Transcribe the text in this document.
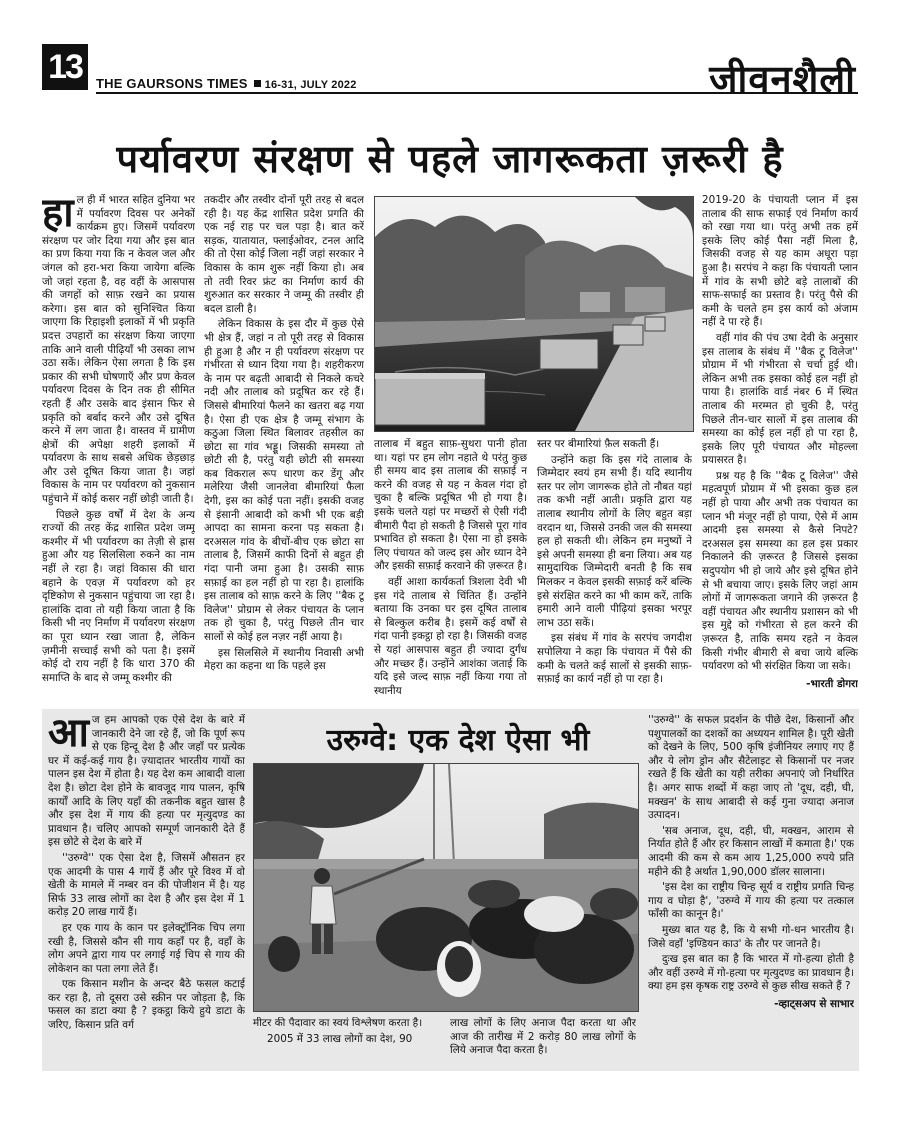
13	THE GAURSONS TIMES 16-31, JULY 2022	जीवनशैली
पर्यावरण संरक्षण से पहले जागरूकता ज़रूरी है

हाल ही में भारत सहित दुनिया भर में पर्यावरण दिवस पर अनेकों कार्यक्रम हुए। जिसमें पर्यावरण संरक्षण पर जोर दिया गया और इस बात का प्रण किया गया कि न केवल जल और जंगल को हरा-भरा किया जायेगा बल्कि जो जहां रहता है, वह वहीं के आसपास की जगहों को साफ़ रखने का प्रयास करेगा। इस बात को सुनिश्चित किया जाएगा कि रिहाइशी इलाकों में भी प्रकृति प्रदत्त उपहारों का संरक्षण किया जाएगा ताकि आने वाली पीढ़ियाँ भी उसका लाभ उठा सकें। लेकिन ऐसा लगता है कि इस प्रकार की सभी घोषणाएँ और प्रण केवल पर्यावरण दिवस के दिन तक ही सीमित रहती हैं और उसके बाद इंसान फिर से प्रकृति को बर्बाद करने और उसे दूषित करने में लग जाता है। वास्तव में ग्रामीण क्षेत्रों की अपेक्षा शहरी इलाकों में पर्यावरण के साथ सबसे अधिक छेड़छाड़ और उसे दूषित किया जाता है। जहां विकास के नाम पर पर्यावरण को नुकसान पहुंचाने में कोई कसर नहीं छोड़ी जाती है।

पिछले कुछ वर्षों में देश के अन्य राज्यों की तरह केंद्र शासित प्रदेश जम्मू कश्मीर में भी पर्यावरण का तेज़ी से ह्रास हुआ और यह सिलसिला रुकने का नाम नहीं ले रहा है। जहां विकास की धारा बहाने के एवज़ में पर्यावरण को हर दृष्टिकोण से नुकसान पहुंचाया जा रहा है। हालांकि दावा तो यही किया जाता है कि किसी भी नए निर्माण में पर्यावरण संरक्षण का पूरा ध्यान रखा जाता है, लेकिन ज़मीनी सच्चाई सभी को पता है। इसमें कोई दो राय नहीं है कि धारा 370 की समाप्ति के बाद से जम्मू कश्मीर की

तकदीर और तस्वीर दोनों पूरी तरह से बदल रही है। यह केंद्र शासित प्रदेश प्रगति की एक नई राह पर चल पड़ा है। बात करें सड़क, यातायात, फ्लाईओवर, टनल आदि की तो ऐसा कोई जिला नहीं जहां सरकार ने विकास के काम शुरू नहीं किया हो। अब तो तवी रिवर फ्रंट का निर्माण कार्य की शुरुआत कर सरकार ने जम्मू की तस्वीर ही बदल डाली है।

लेकिन विकास के इस दौर में कुछ ऐसे भी क्षेत्र हैं, जहां न तो पूरी तरह से विकास ही हुआ है और न ही पर्यावरण संरक्षण पर गंभीरता से ध्यान दिया गया है। शहरीकरण के नाम पर बढ़ती आबादी से निकले कचरे नदी और तालाब को प्रदूषित कर रहे हैं। जिससे बीमारियां फैलने का खतरा बढ़ गया है। ऐसा ही एक क्षेत्र है जम्मू संभाग के कठुआ जिला स्थित बिलावर तहसील का छोटा सा गांव भड्डू। जिसकी समस्या तो छोटी सी है, परंतु यही छोटी सी समस्या कब विकराल रूप धारण कर डेंगू और मलेरिया जैसी जानलेवा बीमारियां फैला देगी, इस का कोई पता नहीं। इसकी वजह से इंसानी आबादी को कभी भी एक बड़ी आपदा का सामना करना पड़ सकता है। दरअसल गांव के बीचों-बीच एक छोटा सा तालाब है, जिसमें काफी दिनों से बहुत ही गंदा पानी जमा हुआ है। उसकी साफ़ सफ़ाई का हल नहीं हो पा रहा है। हालांकि इस तालाब को साफ़ करने के लिए ''बैक टू विलेज'' प्रोग्राम से लेकर पंचायत के प्लान तक हो चुका है, परंतु पिछले तीन चार सालों से कोई हल नज़र नहीं आया है।

इस सिलसिले में स्थानीय निवासी अभी मेहरा का कहना था कि पहले इस

तालाब में बहुत साफ़-सुथरा पानी होता था। यहां पर हम लोग नहाते थे परंतु कुछ ही समय बाद इस तालाब की सफ़ाई न करने की वजह से यह न केवल गंदा हो चुका है बल्कि प्रदूषित भी हो गया है। इसके चलते यहां पर मच्छरों से ऐसी गंदी बीमारी पैदा हो सकती है जिससे पूरा गांव प्रभावित हो सकता है। ऐसा ना हो इसके लिए पंचायत को जल्द इस ओर ध्यान देने और इसकी सफ़ाई करवाने की ज़रूरत है।

वहीं आशा कार्यकर्ता त्रिशला देवी भी इस गंदे तालाब से चिंतित हैं। उन्होंने बताया कि उनका घर इस दूषित तालाब से बिल्कुल करीब है। इसमें कई वर्षों से गंदा पानी इकट्ठा हो रहा है। जिसकी वजह से यहां आसपास बहुत ही ज्यादा दुर्गंध और मच्छर हैं। उन्होंने आशंका जताई कि यदि इसे जल्द साफ़ नहीं किया गया तो स्थानीय

स्तर पर बीमारियां फ़ैल सकती हैं।

उन्होंने कहा कि इस गंदे तालाब के जिम्मेदार स्वयं हम सभी हैं। यदि स्थानीय स्तर पर लोग जागरूक होते तो नौबत यहां तक कभी नहीं आती। प्रकृति द्वारा यह तालाब स्थानीय लोगों के लिए बहुत बड़ा वरदान था, जिससे उनकी जल की समस्या हल हो सकती थी। लेकिन हम मनुष्यों ने इसे अपनी समस्या ही बना लिया। अब यह सामुदायिक जिम्मेदारी बनती है कि सब मिलकर न केवल इसकी सफ़ाई करें बल्कि इसे संरक्षित करने का भी काम करें, ताकि हमारी आने वाली पीढ़ियां इसका भरपूर लाभ उठा सकें।

इस संबंध में गांव के सरपंच जगदीश सपोलिया ने कहा कि पंचायत में पैसे की कमी के चलते कई सालों से इसकी साफ़-सफ़ाई का कार्य नहीं हो पा रहा है।

2019-20 के पंचायती प्लान में इस तालाब की साफ सफाई एवं निर्माण कार्य को रखा गया था। परंतु अभी तक हमें इसके लिए कोई पैसा नहीं मिला है, जिसकी वजह से यह काम अधूरा पड़ा हुआ है। सरपंच ने कहा कि पंचायती प्लान में गांव के सभी छोटे बड़े तालाबों की साफ-सफाई का प्रस्ताव है। परंतु पैसे की कमी के चलते हम इस कार्य को अंजाम नहीं दे पा रहे हैं।

वहीं गांव की पंच उषा देवी के अनुसार इस तालाब के संबंध में ''बैक टू विलेज'' प्रोग्राम में भी गंभीरता से चर्चा हुई थी। लेकिन अभी तक इसका कोई हल नहीं हो पाया है। हालांकि वार्ड नंबर 6 में स्थित तालाब की मरम्मत हो चुकी है, परंतु पिछले तीन-चार सालों में इस तालाब की समस्या का कोई हल नहीं हो पा रहा है, इसके लिए पूरी पंचायत और मोहल्ला प्रयासरत है।

प्रश्न यह है कि ''बैक टू विलेज'' जैसे महत्वपूर्ण प्रोग्राम में भी इसका कुछ हल नहीं हो पाया और अभी तक पंचायत का प्लान भी मंजूर नहीं हो पाया, ऐसे में आम आदमी इस समस्या से कैसे निपटे? दरअसल इस समस्या का हल इस प्रकार निकालने की ज़रूरत है जिससे इसका सदुपयोग भी हो जाये और इसे दूषित होने से भी बचाया जाए। इसके लिए जहां आम लोगों में जागरूकता जगाने की ज़रूरत है वहीं पंचायत और स्थानीय प्रशासन को भी इस मुद्दे को गंभीरता से हल करने की ज़रूरत है, ताकि समय रहते न केवल किसी गंभीर बीमारी से बचा जाये बल्कि पर्यावरण को भी संरक्षित किया जा सके।

-भारती डोगरा

उरुग्वे: एक देश ऐसा भी

आज हम आपको एक ऐसे देश के बारे में जानकारी देने जा रहे हैं, जो कि पूर्ण रूप से एक हिन्दू देश है और जहाँ पर प्रत्येक घर में कई-कई गाय है। ज़्यादातर भारतीय गायों का पालन इस देश में होता है। यह देश कम आबादी वाला देश है। छोटा देश होने के बावजूद गाय पालन, कृषि कार्यों आदि के लिए यहाँ की तकनीक बहुत खास है और इस देश में गाय की हत्या पर मृत्युदण्ड का प्रावधान है। चलिए आपको सम्पूर्ण जानकारी देते हैं इस छोटे से देश के बारे में

''उरुग्वे'' एक ऐसा देश है, जिसमें औसतन हर एक आदमी के पास 4 गायें हैं और पूरे विश्व में वो खेती के मामले में नम्बर वन की पोजीशन में है। यह सिर्फ 33 लाख लोगों का देश है और इस देश में 1 करोड़ 20 लाख गायें हैं।

हर एक गाय के कान पर इलेक्ट्रॉनिक चिप लगा रखी है, जिससे कौन सी गाय कहाँ पर है, वहाँ के लोग अपने द्वारा गाय पर लगाई गई चिप से गाय की लोकेशन का पता लगा लेते हैं।

एक किसान मशीन के अन्दर बैठे फसल कटाई कर रहा है, तो दूसरा उसे स्क्रीन पर जोड़ता है, कि फसल का डाटा क्या है ? इकट्ठा किये हुये डाटा के जरिए, किसान प्रति वर्ग	मीटर की पैदावार का स्वयं विश्लेषण करता है।

2005 में 33 लाख लोगों का देश, 90

लाख लोगों के लिए अनाज पैदा करता था और आज की तारीख में 2 करोड़ 80 लाख लोगों के लिये अनाज पैदा करता है।

''उरुग्वे'' के सफल प्रदर्शन के पीछे देश, किसानों और पशुपालकों का दशकों का अध्ययन शामिल है। पूरी खेती को देखने के लिए, 500 कृषि इंजीनियर लगाए गए हैं और ये लोग ड्रोन और सैटेलाइट से किसानों पर नजर रखते हैं कि खेती का यही तरीका अपनाएं जो निर्धारित है। अगर साफ शब्दों में कहा जाए तो 'दूध, दही, घी, मक्खन' के साथ आबादी से कई गुना ज्यादा अनाज उत्पादन।

'सब अनाज, दूध, दही, घी, मक्खन, आराम से निर्यात होते हैं और हर किसान लाखों में कमाता है।' एक आदमी की कम से कम आय 1,25,000 रुपये प्रति महीने की है अर्थात 1,90,000 डॉलर सालाना।

'इस देश का राष्ट्रीय चिन्ह सूर्य व राष्ट्रीय प्रगति चिन्ह गाय व घोड़ा है', 'उरुग्वे में गाय की हत्या पर तत्काल फाँसी का कानून है।'

मुख्य बात यह है, कि ये सभी गो-धन भारतीय है। जिसे वहाँ 'इण्डियन काउ' के तौर पर जानते है।

दुःख इस बात का है कि भारत में गो-हत्या होती है और वहीं उरुग्वे में गो-हत्या पर मृत्युदण्ड का प्रावधान है। क्या हम इस कृषक राष्ट्र उरुग्वे से कुछ सीख सकते हैं ?

-व्हाट्सअप से साभार
